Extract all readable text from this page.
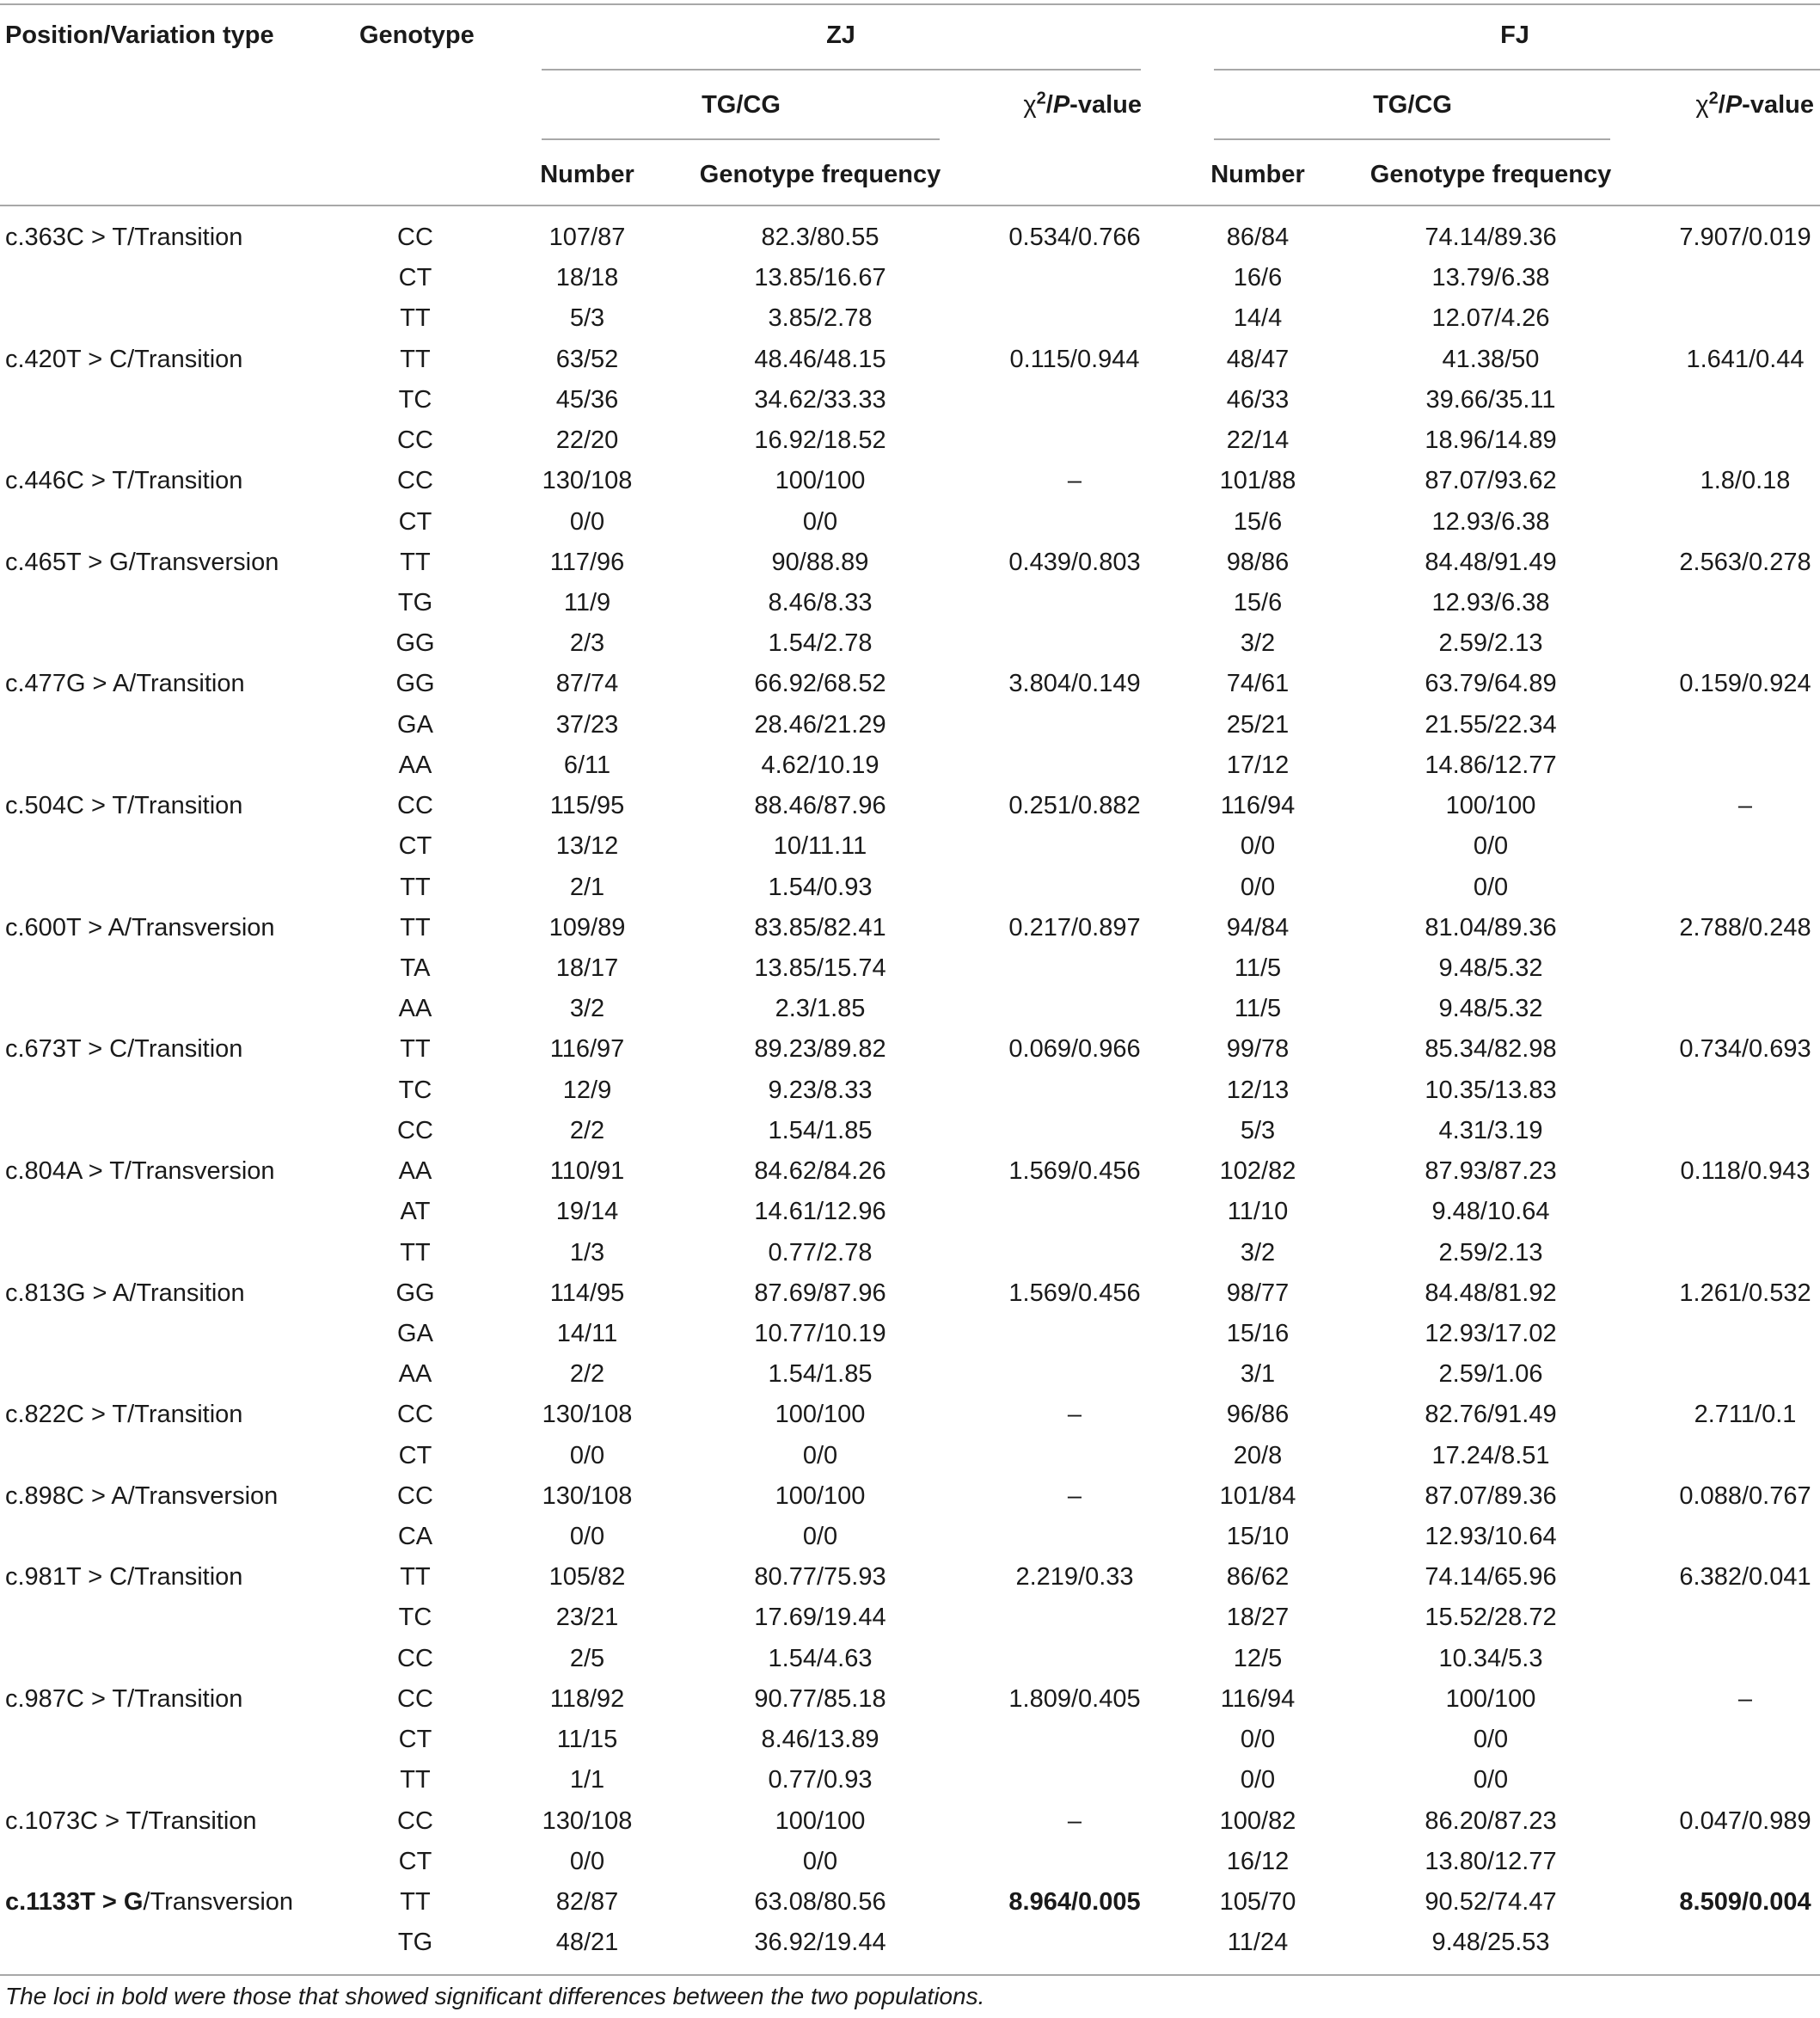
Position/Variation type	Genotype	ZJ	FJ
TG/CG	TG/CG
$\chi^2/P$-value	$\chi^2/P$-value
Number	Genotype frequency	Number	Genotype frequency
c.363C > T/Transition	CC	107/87	82.3/80.55	0.534/0.766	86/84	74.14/89.36	7.907/0.019
CT	18/18	13.85/16.67	16/6	13.79/6.38
TT	5/3	3.85/2.78	14/4	12.07/4.26
c.420T > C/Transition	TT	63/52	48.46/48.15	0.115/0.944	48/47	41.38/50	1.641/0.44
TC	45/36	34.62/33.33	46/33	39.66/35.11
CC	22/20	16.92/18.52	22/14	18.96/14.89
c.446C > T/Transition	CC	130/108	100/100	–	101/88	87.07/93.62	1.8/0.18
CT	0/0	0/0	15/6	12.93/6.38
c.465T > G/Transversion	TT	117/96	90/88.89	0.439/0.803	98/86	84.48/91.49	2.563/0.278
TG	11/9	8.46/8.33	15/6	12.93/6.38
GG	2/3	1.54/2.78	3/2	2.59/2.13
c.477G > A/Transition	GG	87/74	66.92/68.52	3.804/0.149	74/61	63.79/64.89	0.159/0.924
GA	37/23	28.46/21.29	25/21	21.55/22.34
AA	6/11	4.62/10.19	17/12	14.86/12.77
c.504C > T/Transition	CC	115/95	88.46/87.96	0.251/0.882	116/94	100/100	–
CT	13/12	10/11.11	0/0	0/0
TT	2/1	1.54/0.93	0/0	0/0
c.600T > A/Transversion	TT	109/89	83.85/82.41	0.217/0.897	94/84	81.04/89.36	2.788/0.248
TA	18/17	13.85/15.74	11/5	9.48/5.32
AA	3/2	2.3/1.85	11/5	9.48/5.32
c.673T > C/Transition	TT	116/97	89.23/89.82	0.069/0.966	99/78	85.34/82.98	0.734/0.693
TC	12/9	9.23/8.33	12/13	10.35/13.83
CC	2/2	1.54/1.85	5/3	4.31/3.19
c.804A > T/Transversion	AA	110/91	84.62/84.26	1.569/0.456	102/82	87.93/87.23	0.118/0.943
AT	19/14	14.61/12.96	11/10	9.48/10.64
TT	1/3	0.77/2.78	3/2	2.59/2.13
c.813G > A/Transition	GG	114/95	87.69/87.96	1.569/0.456	98/77	84.48/81.92	1.261/0.532
GA	14/11	10.77/10.19	15/16	12.93/17.02
AA	2/2	1.54/1.85	3/1	2.59/1.06
c.822C > T/Transition	CC	130/108	100/100	–	96/86	82.76/91.49	2.711/0.1
CT	0/0	0/0	20/8	17.24/8.51
c.898C > A/Transversion	CC	130/108	100/100	–	101/84	87.07/89.36	0.088/0.767
CA	0/0	0/0	15/10	12.93/10.64
c.981T > C/Transition	TT	105/82	80.77/75.93	2.219/0.33	86/62	74.14/65.96	6.382/0.041
TC	23/21	17.69/19.44	18/27	15.52/28.72
CC	2/5	1.54/4.63	12/5	10.34/5.3
c.987C > T/Transition	CC	118/92	90.77/85.18	1.809/0.405	116/94	100/100	–
CT	11/15	8.46/13.89	0/0	0/0
TT	1/1	0.77/0.93	0/0	0/0
c.1073C > T/Transition	CC	130/108	100/100	–	100/82	86.20/87.23	0.047/0.989
CT	0/0	0/0	16/12	13.80/12.77
c.1133T > G/Transversion	TT	82/87	63.08/80.56	8.964/0.005	105/70	90.52/74.47	8.509/0.004
TG	48/21	36.92/19.44	11/24	9.48/25.53
The loci in bold were those that showed significant differences between the two populations.
